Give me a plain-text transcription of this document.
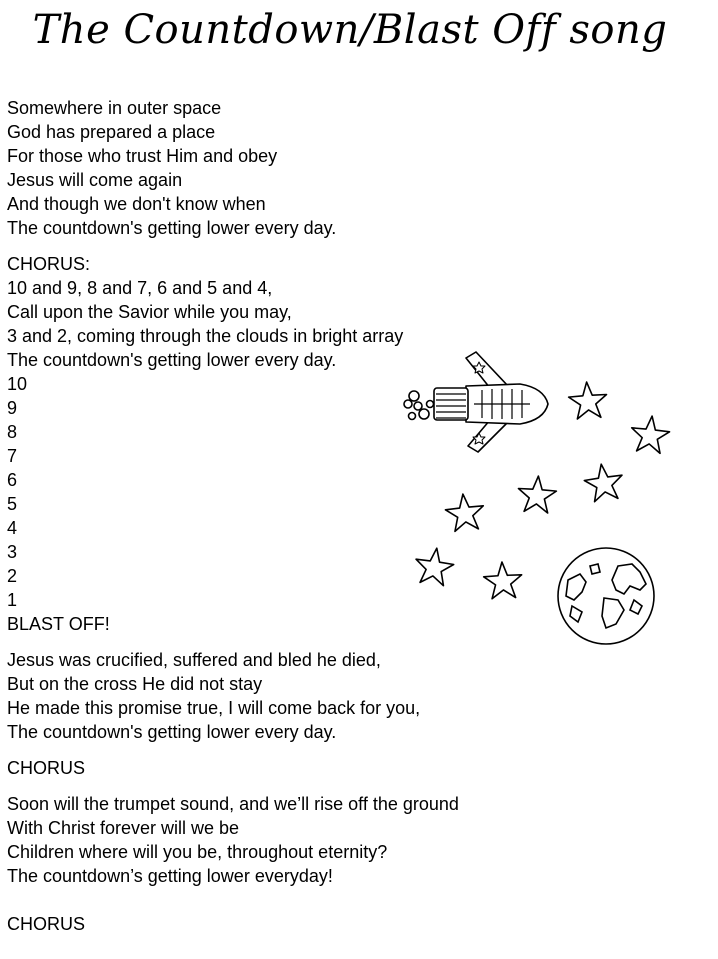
The Countdown/Blast Off song
Somewhere in outer space
God has prepared a place
For those who trust Him and obey
Jesus will come again
And though we don't know when
The countdown's getting lower every day.
CHORUS:
10 and 9, 8 and 7, 6 and 5 and 4,
Call upon the Savior while you may,
3 and 2, coming through the clouds in bright array
The countdown's getting lower every day.
10
9
8
7
6
5
4
3
2
1
BLAST OFF!
Jesus was crucified, suffered and bled he died,
But on the cross He did not stay
He made this promise true, I will come back for you,
The countdown's getting lower every day.
CHORUS
Soon will the trumpet sound, and we’ll rise off the ground
With Christ forever will we be
Children where will you be, throughout eternity?
The countdown’s getting lower everyday!
CHORUS
